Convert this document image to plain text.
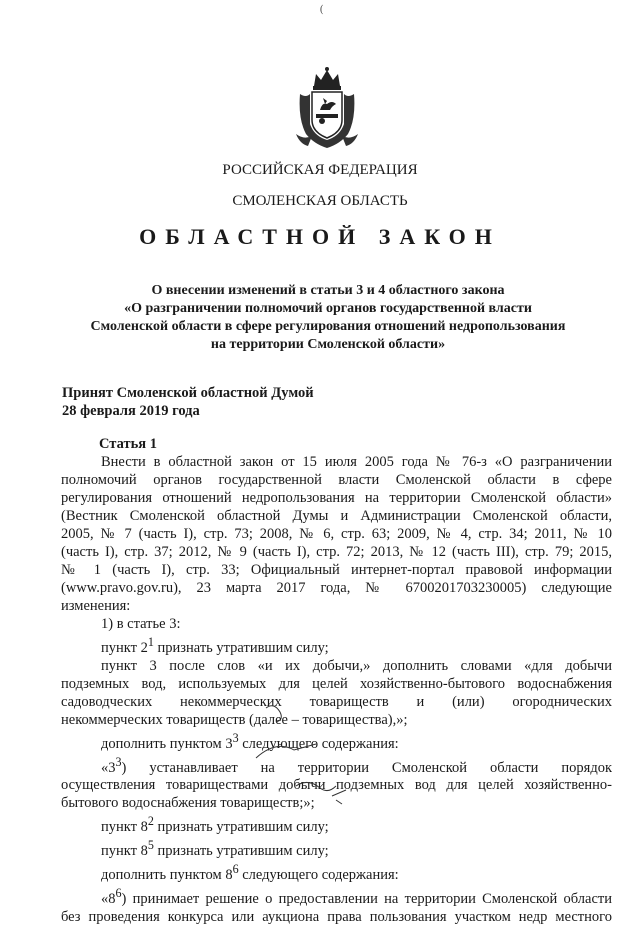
(
РОССИЙСКАЯ ФЕДЕРАЦИЯ
СМОЛЕНСКАЯ ОБЛАСТЬ
ОБЛАСТНОЙ ЗАКОН
О внесении изменений в статьи 3 и 4 областного закона
«О разграничении полномочий органов государственной власти
Смоленской области в сфере регулирования отношений недропользования
на территории Смоленской области»
Принят Смоленской областной Думой
28 февраля 2019 года
Статья 1
Внести в областной закон от 15 июля 2005 года № 76-з «О разграничении
полномочий органов государственной власти Смоленской области в сфере
регулирования отношений недропользования на территории Смоленской области»
(Вестник Смоленской областной Думы и Администрации Смоленской области,
2005, № 7 (часть I), стр. 73; 2008, № 6, стр. 63; 2009, № 4, стр. 34; 2011, № 10
(часть I), стр. 37; 2012, № 9 (часть I), стр. 72; 2013, № 12 (часть III), стр. 79; 2015,
№ 1 (часть I), стр. 33; Официальный интернет-портал правовой информации
(www.pravo.gov.ru), 23 марта 2017 года, № 6700201703230005) следующие
изменения:
1) в статье 3:
пункт $2^1$ признать утратившим силу;
пункт 3 после слов «и их добычи,» дополнить словами «для добычи
подземных вод, используемых для целей хозяйственно-бытового водоснабжения
садоводческих некоммерческих товариществ и (или) огороднических
некоммерческих товариществ (далее – товарищества),»;
дополнить пунктом $3^3$ следующего содержания:
«$3^3$) устанавливает на территории Смоленской области порядок
осуществления товариществами добычи подземных вод для целей хозяйственно-
бытового водоснабжения товариществ;»;
пункт $8^2$ признать утратившим силу;
пункт $8^5$ признать утратившим силу;
дополнить пунктом $8^6$ следующего содержания:
«$8^6$) принимает решение о предоставлении на территории Смоленской области
без проведения конкурса или аукциона права пользования участком недр местного
